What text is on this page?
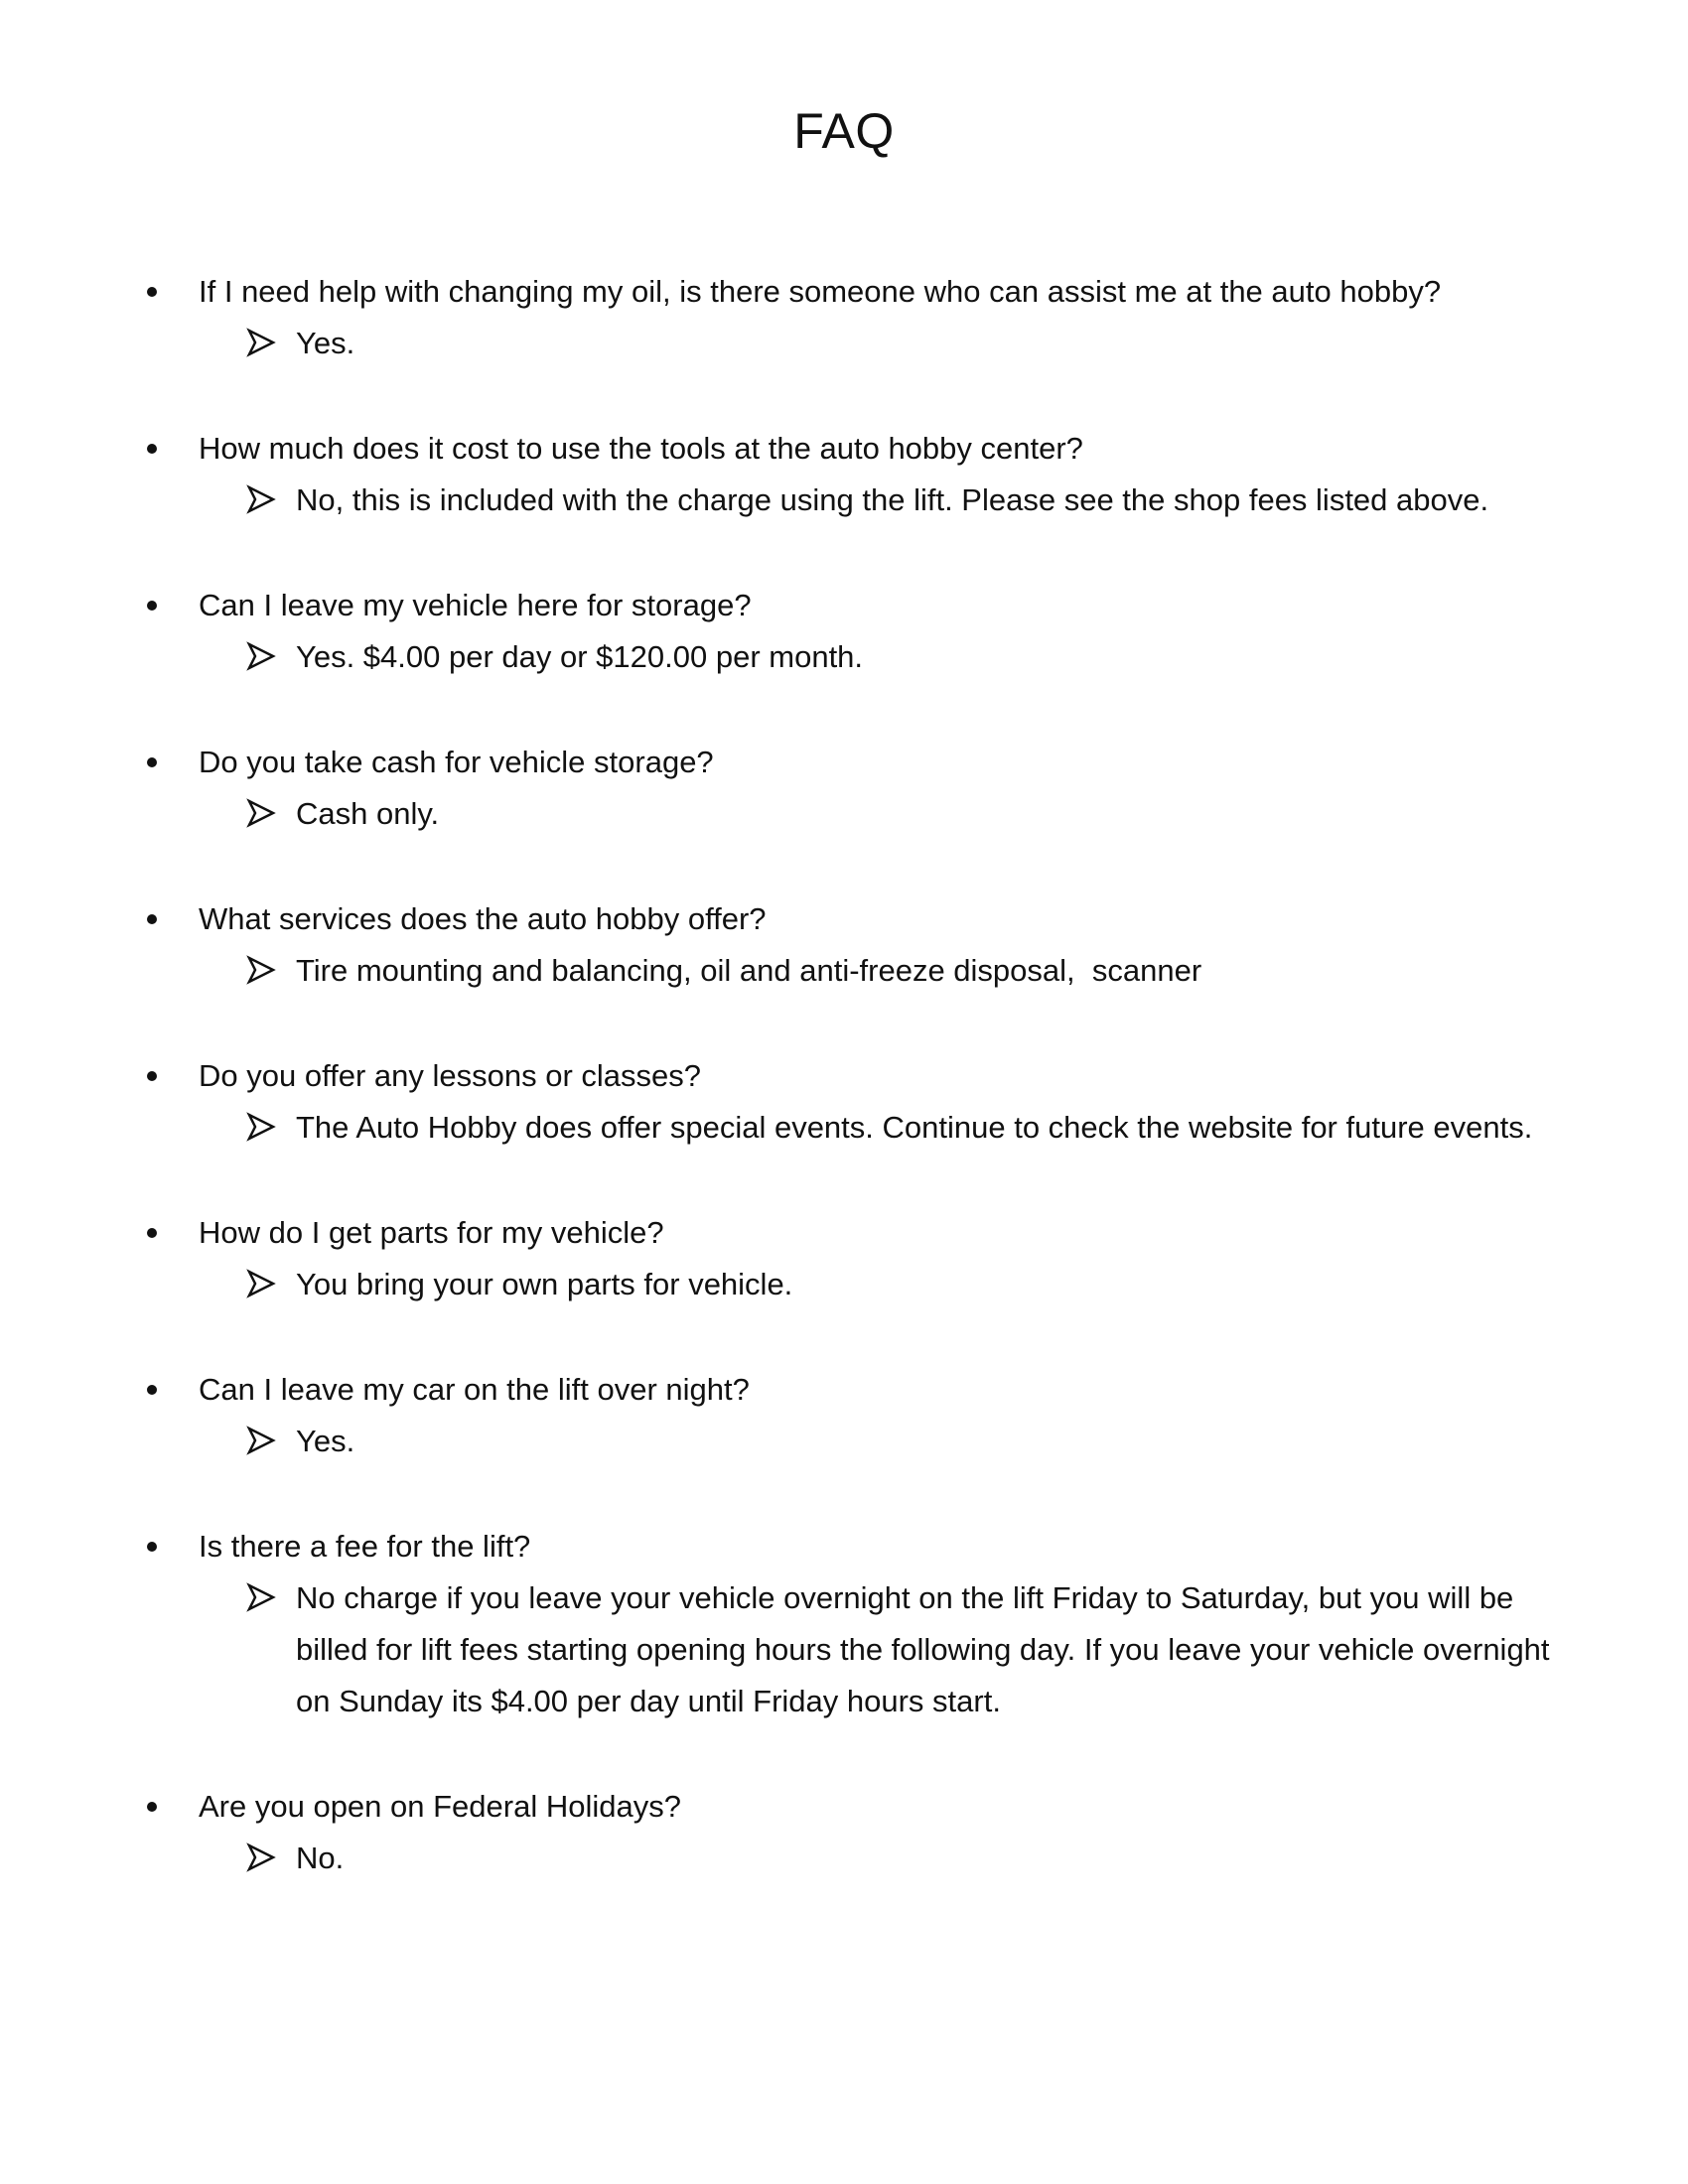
FAQ
If I need help with changing my oil, is there someone who can assist me at the auto hobby?
Yes.
How much does it cost to use the tools at the auto hobby center?
No, this is included with the charge using the lift. Please see the shop fees listed above.
Can I leave my vehicle here for storage?
Yes. $4.00 per day or $120.00 per month.
Do you take cash for vehicle storage?
Cash only.
What services does the auto hobby offer?
Tire mounting and balancing, oil and anti-freeze disposal,  scanner
Do you offer any lessons or classes?
The Auto Hobby does offer special events. Continue to check the website for future events.
How do I get parts for my vehicle?
You bring your own parts for vehicle.
Can I leave my car on the lift over night?
Yes.
Is there a fee for the lift?
No charge if you leave your vehicle overnight on the lift Friday to Saturday, but you will be billed for lift fees starting opening hours the following day. If you leave your vehicle overnight on Sunday its $4.00 per day until Friday hours start.
Are you open on Federal Holidays?
No.
